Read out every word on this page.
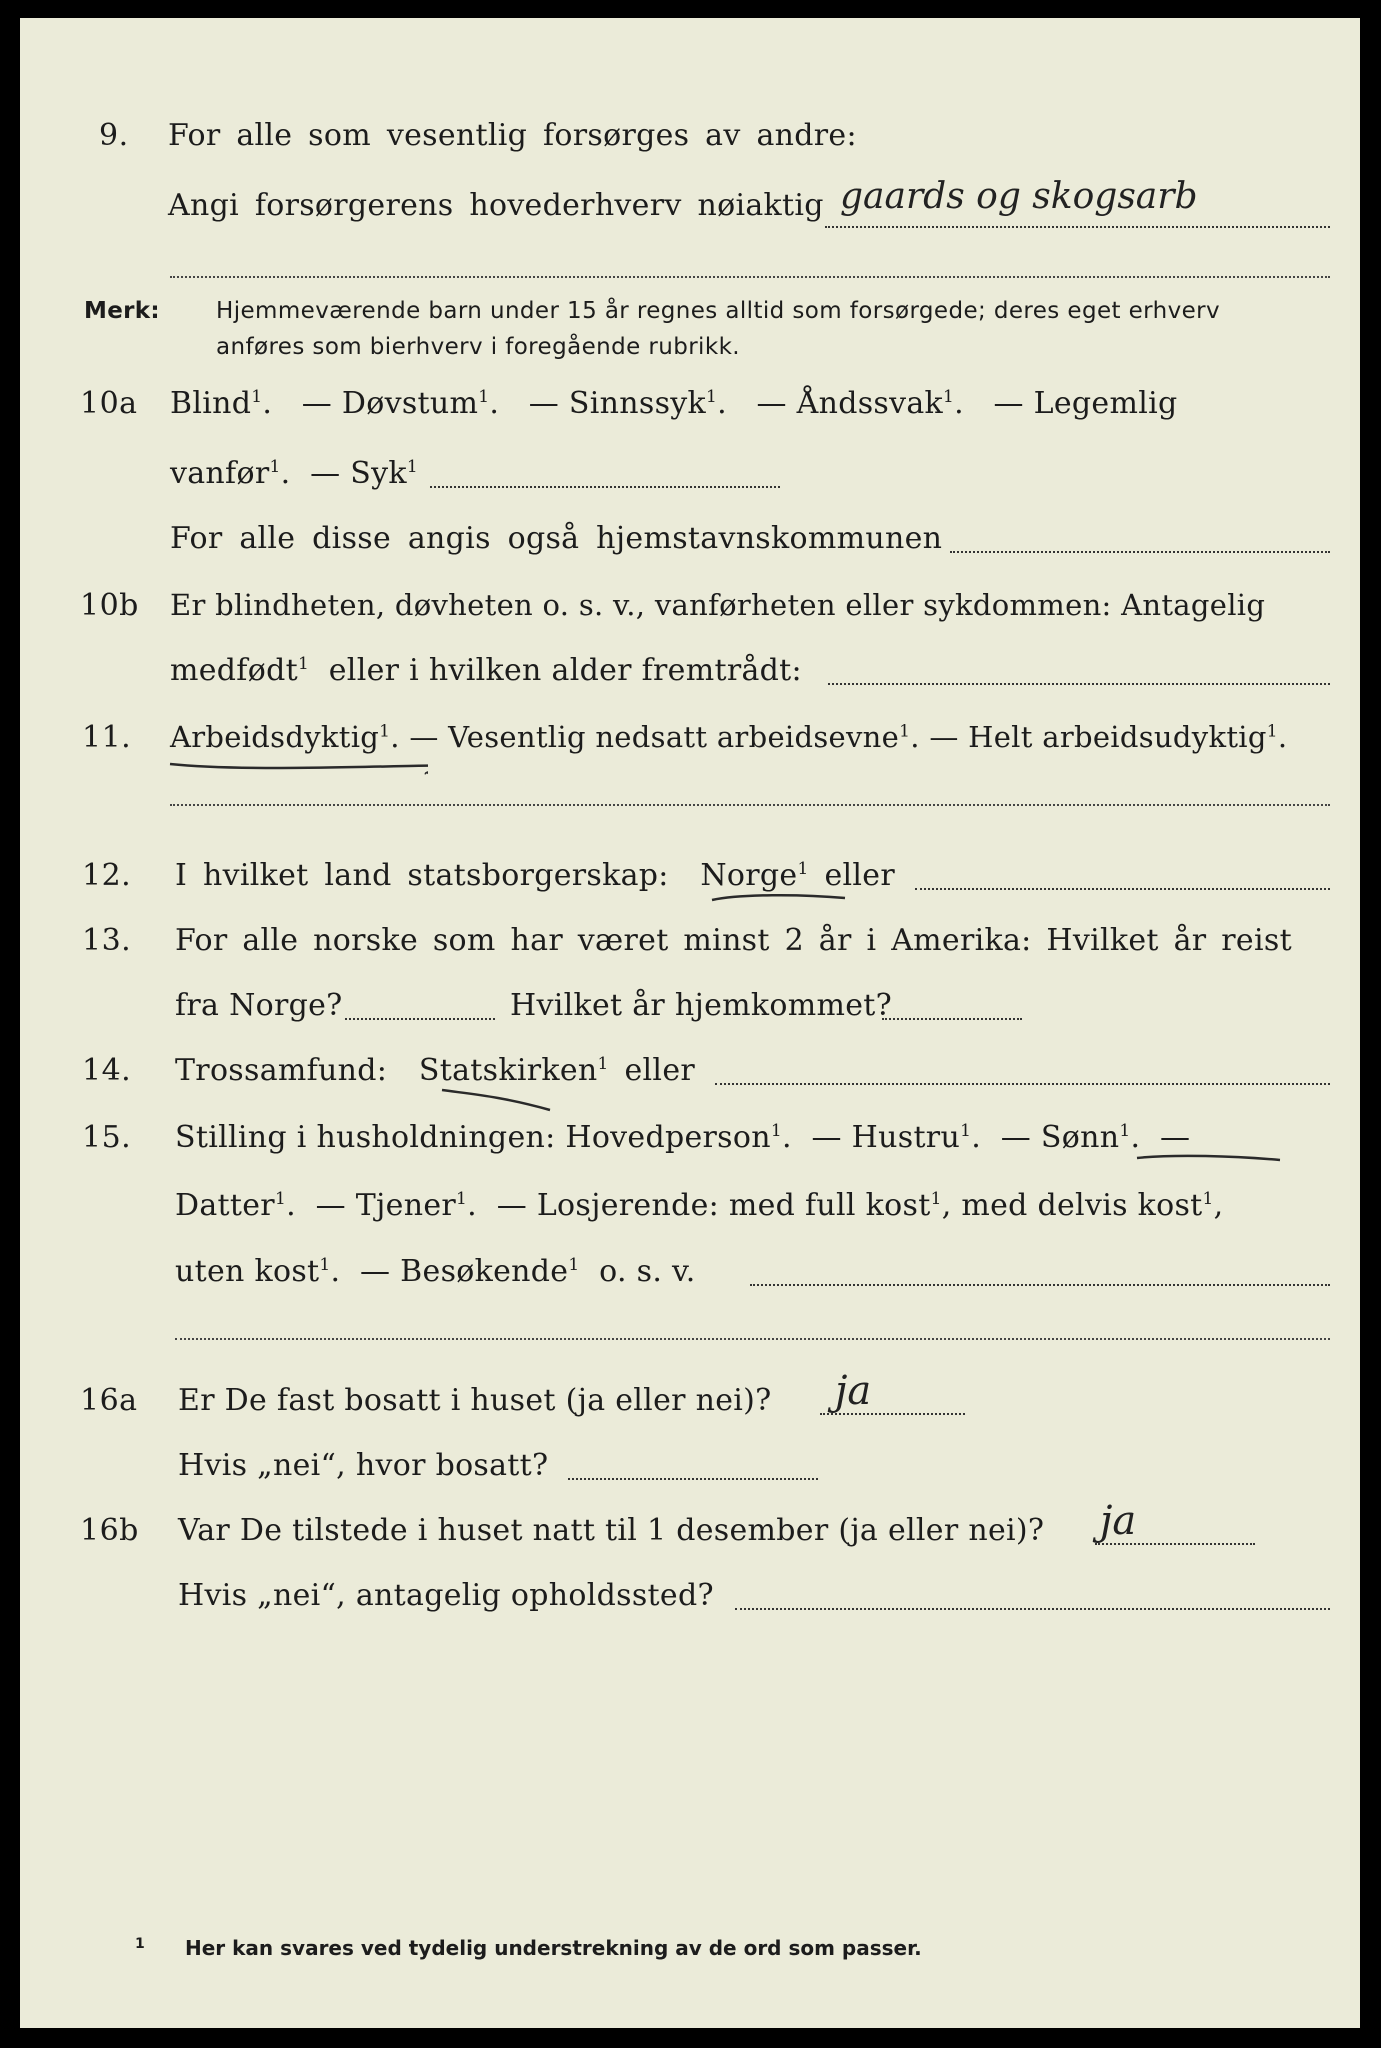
9. For alle som vesentlig forsørges av andre:
Angi forsørgerens hovederhverv nøiaktig gaards og skogsarb
Merk: Hjemmeværende barn under 15 år regnes alltid som forsørgede; deres eget erhverv
anføres som bierhverv i foregående rubrikk.
10a Blind$^1$. — Døvstum$^1$. — Sinnssyk$^1$. — Åndssvak$^1$. — Legemlig
vanfør$^1$. — Syk$^1$
For alle disse angis også hjemstavnskommunen
10b Er blindheten, døvheten o. s. v., vanførheten eller sykdommen: Antagelig
medfødt$^1$ eller i hvilken alder fremtrådt:
11. Arbeidsdyktig$^1$. — Vesentlig nedsatt arbeidsevne$^1$. — Helt arbeidsudyktig$^1$.
12. I hvilket land statsborgerskap: Norge$^1$ eller
13. For alle norske som har været minst 2 år i Amerika: Hvilket år reist
fra Norge?	Hvilket år hjemkommet?
14. Trossamfund: Statskirken$^1$ eller
15. Stilling i husholdningen: Hovedperson$^1$. — Hustru$^1$. — Sønn$^1$. —
Datter$^1$. — Tjener$^1$. — Losjerende: med full kost$^1$, med delvis kost$^1$,
uten kost$^1$. — Besøkende$^1$ o. s. v.
16a Er De fast bosatt i huset (ja eller nei)? ja
Hvis „nei“, hvor bosatt?
16b Var De tilstede i huset natt til 1 desember (ja eller nei)? ja
Hvis „nei“, antagelig opholdssted?
1 Her kan svares ved tydelig understrekning av de ord som passer.
